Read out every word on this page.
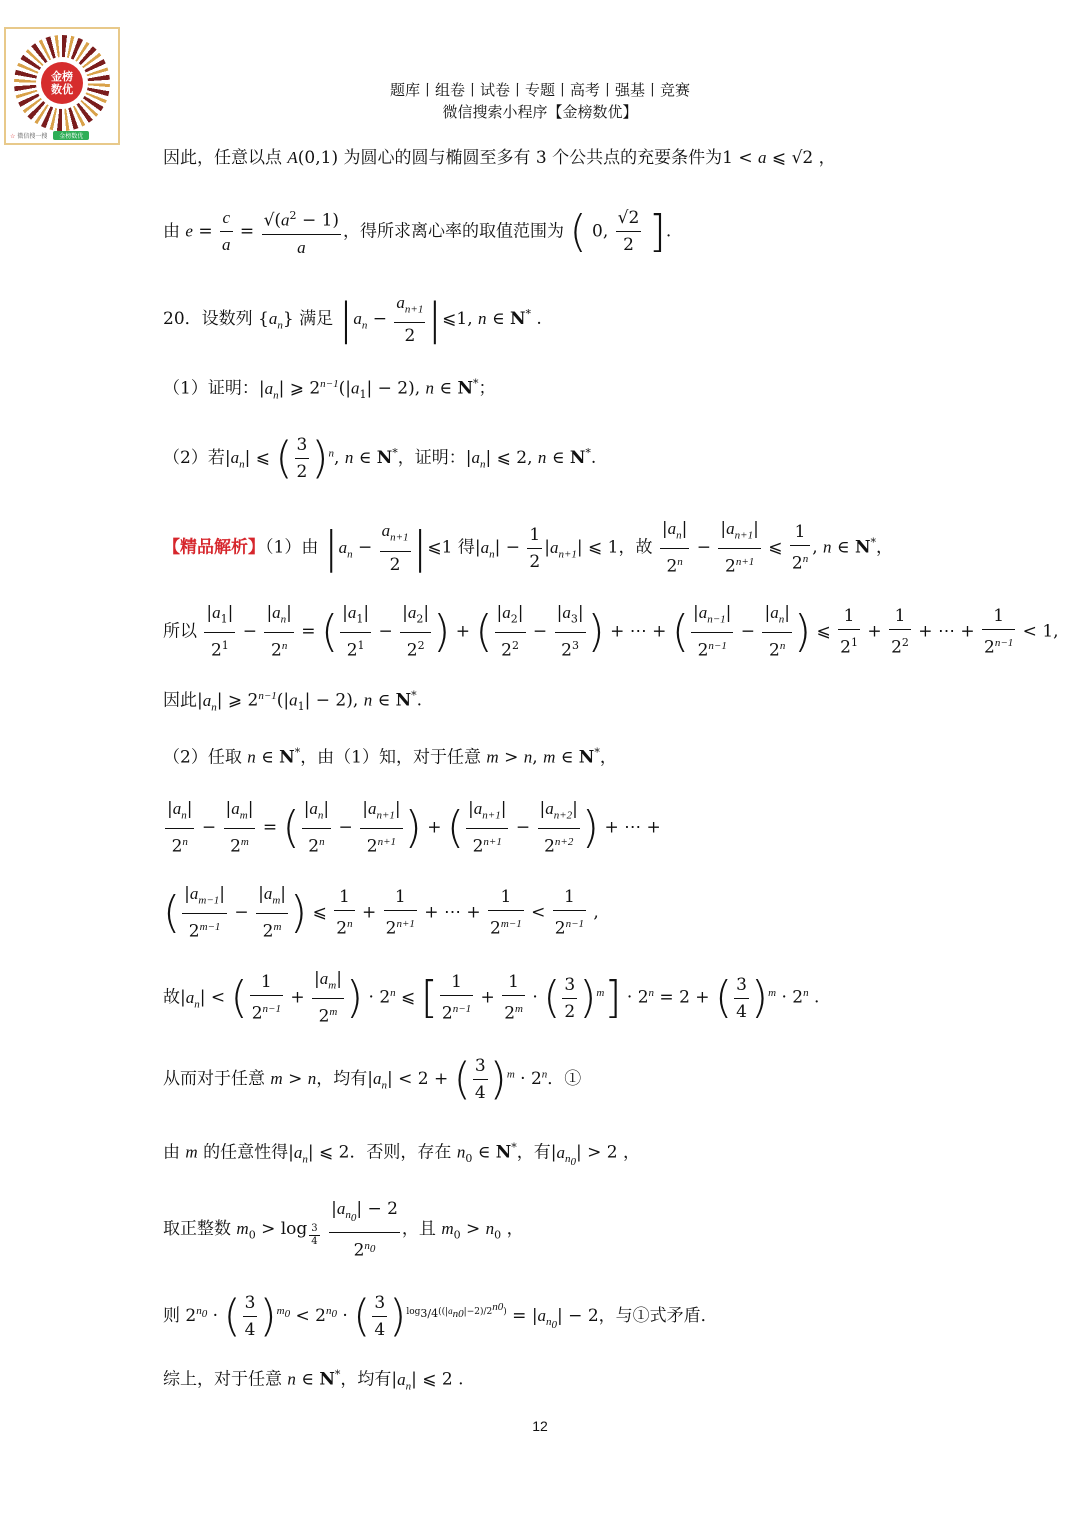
金榜数优
☆ 微信搜一搜 金榜数优
题库丨组卷丨试卷丨专题丨高考丨强基丨竞赛
微信搜索小程序【金榜数优】
因此，任意以点 A(0,1) 为圆心的圆与椭圆至多有 3 个公共点的充要条件为1 < a ⩽ √2 ，
由 $e = \frac{c}{a} = \frac{√(a^2 - 1)}{a}$ ，得所求离心率的取值范围为 ( 0, $\frac{√2}{2}$ ].
20．设数列 $\{a_n\}$ 满足 $|a_n - \frac{a_{n+1}}{2}$ |⩽1, n ∈ N* .
（1）证明：$|a_n|$ ⩾ $2^{n-1}(|a_1| - 2)$, n ∈ N*；
（2）若$|a_n|$ ⩽ ( $\frac{3}{2} )^n$, n ∈ N*，证明：$|a_n|$ ⩽ 2, n ∈ N*.
【精品解析】（1）由 $|a_n - \frac{a_{n+1}}{2}$ |⩽1 得$|a_n| - \frac{1}{2} |a_{n+1}|$ ⩽ 1，故 $\frac{|a_n|}{2^n} - \frac{|a_{n+1}|}{2^{n+1}}$ ⩽ $\frac{1}{2^n}$ , n ∈ N*，
所以 $\frac{|a_1|}{2^1} - \frac{|a_n|}{2^n}$ = ( $\frac{|a_1|}{2^1} - \frac{|a_2|}{2^2}$ ) + ( $\frac{|a_2|}{2^2} - \frac{|a_3|}{2^3}$ ) + ⋯ + ( $\frac{|a_{n-1}|}{2^{n-1}} - \frac{|a_n|}{2^n}$ ) ⩽ $\frac{1}{2^1} + \frac{1}{2^2}$ + ⋯ + $\frac{1}{2^{n-1}} < 1$,
因此$|a_n|$ ⩾ $2^{n-1}(|a_1| - 2)$, n ∈ N*.
（2）任取 n ∈ N*，由（1）知，对于任意 m > n, m ∈ N*，
$\frac{|a_n|}{2^n} - \frac{|a_m|}{2^m}$ = ( $\frac{|a_n|}{2^n} - \frac{|a_{n+1}|}{2^{n+1}}$ ) + ( $\frac{|a_{n+1}|}{2^{n+1}} - \frac{|a_{n+2}|}{2^{n+2}}$ ) + ⋯ +
( $\frac{|a_{m-1}|}{2^{m-1}} - \frac{|a_m|}{2^m}$ ) ⩽ $\frac{1}{2^n} + \frac{1}{2^{n+1}}$ + ⋯ + $\frac{1}{2^{m-1}} < \frac{1}{2^{n-1}}$ ,
故$|a_n|$ < ( $\frac{1}{2^{n-1}} + \frac{|a_m|}{2^m}$ ) · $2^n$ ⩽ [ $\frac{1}{2^{n-1}} + \frac{1}{2^m}$ · ( $\frac{3}{2} )^m] \cdot 2^n = 2$ + ( $\frac{3}{4} )^m \cdot 2^n$ .
从而对于任意 m > n，均有$|a_n| < 2$ + ( $\frac{3}{4} )^m \cdot 2^n$．①
由 m 的任意性得$|a_n|$ ⩽ 2．否则，存在 $n_0$ ∈ N*，有$|a_{n_0}| > 2$ ，
取正整数 $m_0 > \log _{\frac{3}{4}}$
$\frac{|a_{n_0}| - 2}{2^{n_0}}$ ，且 $m_0 > n_0$ ，
则 $2^{n_0}$ · ( $\frac{3}{4} )^{m_0} < 2^{n_0}$ · ( $\frac{3}{4} )^{log_{3/4}((|a_{n0}|-2)/2^{n0})} = |a_{n_0}| - 2$，与①式矛盾．
综上，对于任意 n ∈ N*，均有$|a_n|$ ⩽ 2 .
12
